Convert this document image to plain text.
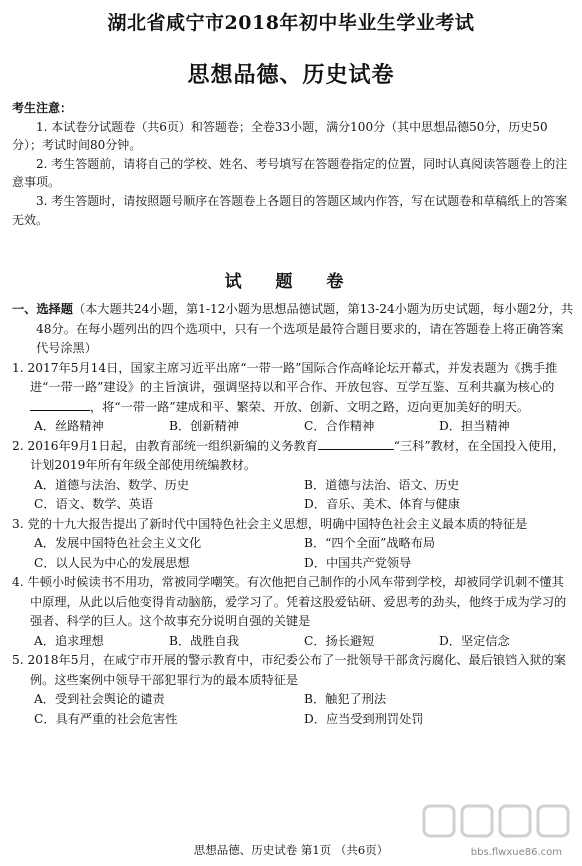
湖北省咸宁市2018年初中毕业生学业考试
思想品德、历史试卷
考生注意：

1. 本试卷分试题卷（共6页）和答题卷；全卷33小题，满分100分（其中思想品德50分，历史50分）；考试时间80分钟。

2. 考生答题前，请将自己的学校、姓名、考号填写在答题卷指定的位置，同时认真阅读答题卷上的注意事项。

3. 考生答题时，请按照题号顺序在答题卷上各题目的答题区域内作答，写在试题卷和草稿纸上的答案无效。

试 题 卷

一、选择题（本大题共24小题，第1-12小题为思想品德试题，第13-24小题为历史试题，每小题2分，共48分。在每小题列出的四个选项中，只有一个选项是最符合题目要求的，请在答题卷上将正确答案代号涂黑）

1. 2017年5月14日，国家主席习近平出席“一带一路”国际合作高峰论坛开幕式，并发表题为《携手推进“一带一路”建设》的主旨演讲，强调坚持以和平合作、开放包容、互学互鉴、互利共赢为核心的，将“一带一路”建成和平、繁荣、开放、创新、文明之路，迈向更加美好的明天。

A．丝路精神	B．创新精神	C．合作精神	D．担当精神

2. 2016年9月1日起，由教育部统一组织新编的义务教育	“三科”教材，在全国投入使用，计划2019年所有年级全部使用统编教材。

A．道德与法治、数学、历史	B．道德与法治、语文、历史
C．语文、数学、英语	D．音乐、美术、体育与健康

3. 党的十九大报告提出了新时代中国特色社会主义思想，明确中国特色社会主义最本质的特征是

A．发展中国特色社会主义文化	B．“四个全面”战略布局
C．以人民为中心的发展思想	D．中国共产党领导

4. 牛顿小时候读书不用功，常被同学嘲笑。有次他把自己制作的小风车带到学校，却被同学讥刺不懂其中原理，从此以后他变得肯动脑筋，爱学习了。凭着这股爱钻研、爱思考的劲头，他终于成为学习的强者、科学的巨人。这个故事充分说明自强的关键是

A．追求理想	B．战胜自我	C．扬长避短	D．坚定信念

5. 2018年5月，在咸宁市开展的警示教育中，市纪委公布了一批领导干部贪污腐化、最后锒铛入狱的案例。这些案例中领导干部犯罪行为的最本质特征是

A．受到社会舆论的谴责	B．触犯了刑法
C．具有严重的社会危害性	D．应当受到刑罚处罚
思想品德、历史试卷 第1页 （共6页）	bbs.flwxue86.com
